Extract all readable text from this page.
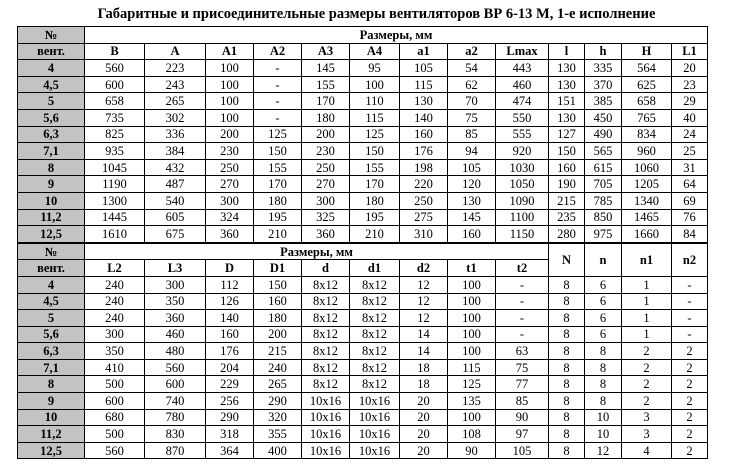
Габаритные и присоединительные размеры вентиляторов ВР 6-13 М, 1-е исполнение
№	Размеры, мм												
вент.	B	A	A1	A2	A3	A4	a1	a2	Lmax	l	h	H	L1
4	560	223	100	-	145	95	105	54	443	130	335	564	20
4,5	600	243	100	-	155	100	115	62	460	130	370	625	23
5	658	265	100	-	170	110	130	70	474	151	385	658	29
5,6	735	302	100	-	180	115	140	75	550	130	450	765	40
6,3	825	336	200	125	200	125	160	85	555	127	490	834	24
7,1	935	384	230	150	230	150	176	94	920	150	565	960	25
8	1045	432	250	155	250	155	198	105	1030	160	615	1060	31
9	1190	487	270	170	270	170	220	120	1050	190	705	1205	64
10	1300	540	300	180	300	180	250	130	1090	215	785	1340	69
11,2	1445	605	324	195	325	195	275	145	1100	235	850	1465	76
12,5	1610	675	360	210	360	210	310	160	1150	280	975	1660	84
№	Размеры, мм									N	n	n1	n2
вент.	L2	L3	D	D1	d	d1	d2	t1	t2				
4	240	300	112	150	8x12	8x12	12	100	-	8	6	1	-
4,5	240	350	126	160	8x12	8x12	12	100	-	8	6	1	-
5	240	360	140	180	8x12	8x12	12	100	-	8	6	1	-
5,6	300	460	160	200	8x12	8x12	14	100	-	8	6	1	-
6,3	350	480	176	215	8x12	8x12	14	100	63	8	8	2	2
7,1	410	560	204	240	8x12	8x12	18	115	75	8	8	2	2
8	500	600	229	265	8x12	8x12	18	125	77	8	8	2	2
9	600	740	256	290	10x16	10x16	20	135	85	8	8	2	2
10	680	780	290	320	10x16	10x16	20	100	90	8	10	3	2
11,2	500	830	318	355	10x16	10x16	20	108	97	8	10	3	2
12,5	560	870	364	400	10x16	10x16	20	90	105	8	12	4	2
